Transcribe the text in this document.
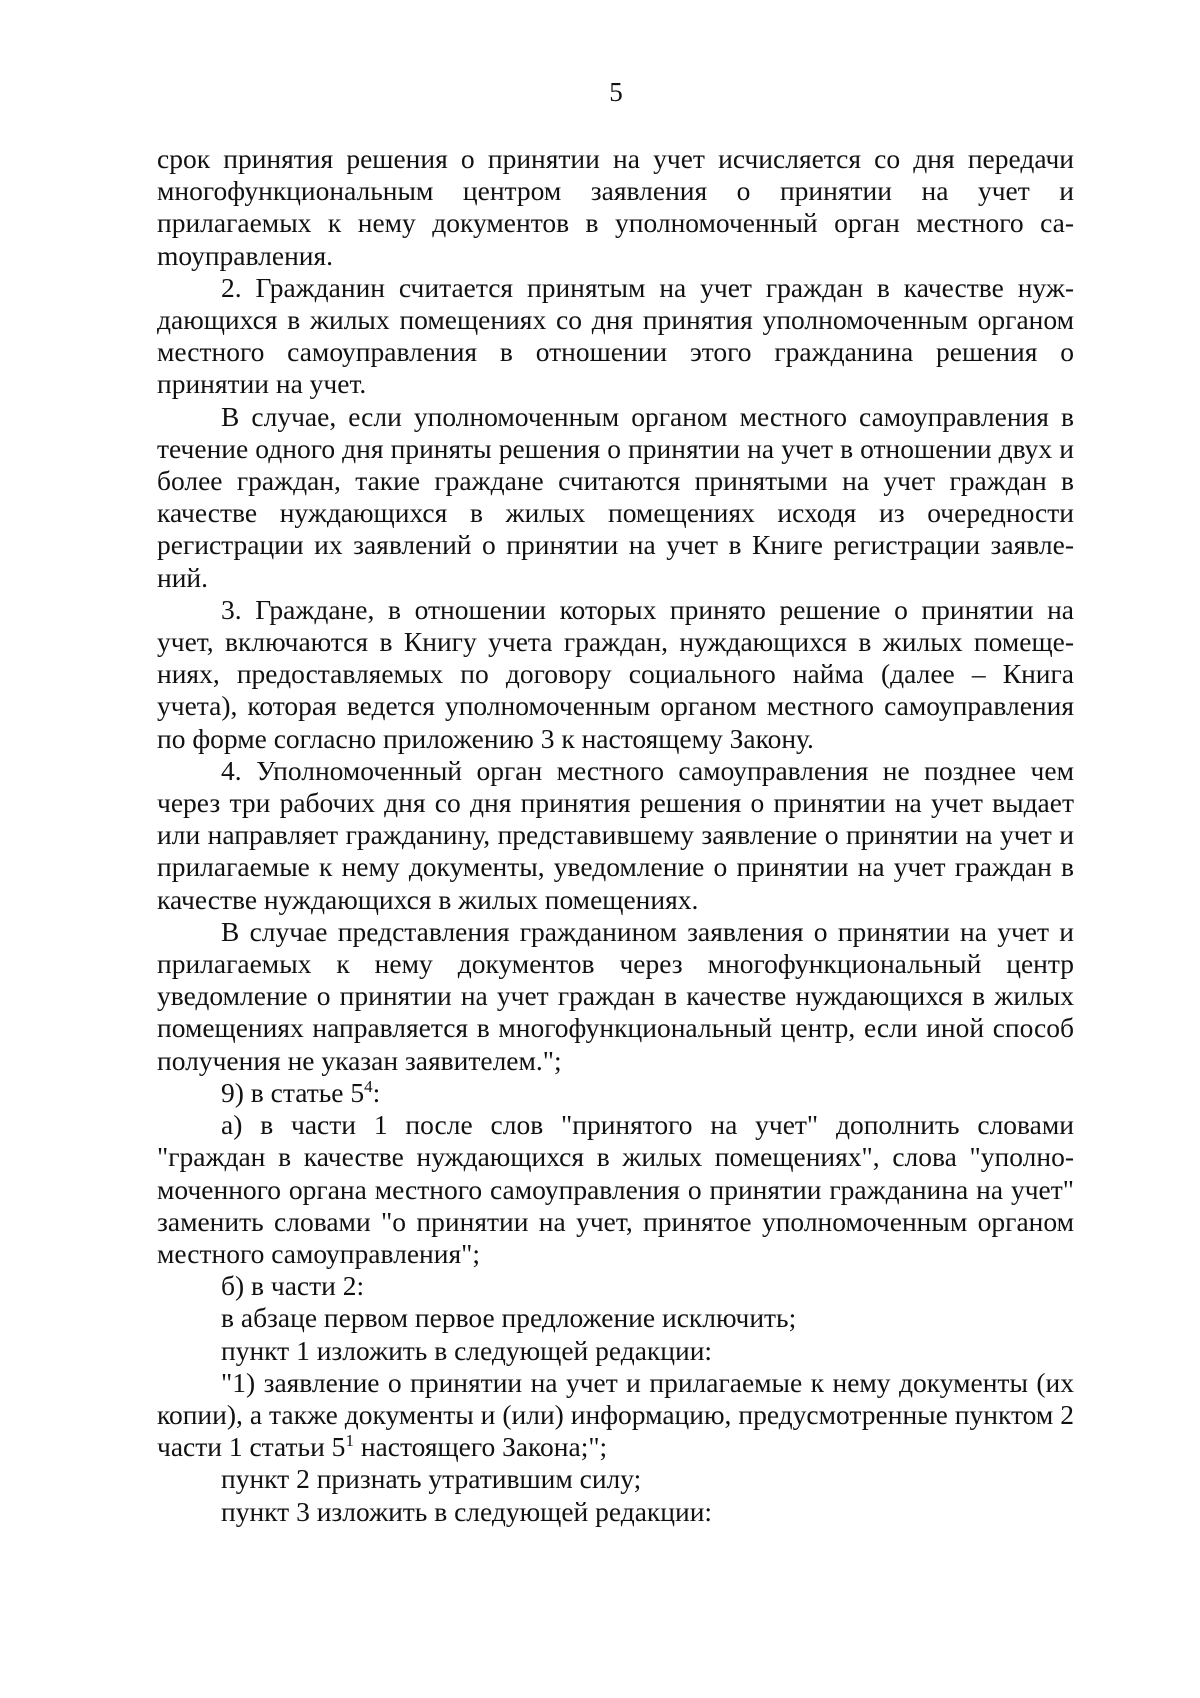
5

срок принятия решения о принятии на учет исчисляется со дня передачи многофункциональным центром заявления о принятии на учет и прилагаемых к нему документов в уполномоченный орган местного саmоуправления.

2. Гражданин считается принятым на учет граждан в качестве нуждающихся в жилых помещениях со дня принятия уполномоченным органом местного самоуправления в отношении этого гражданина решения о принятии на учет.

В случае, если уполномоченным органом местного самоуправления в течение одного дня приняты решения о принятии на учет в отношении двух и более граждан, такие граждане считаются принятыми на учет граждан в качестве нуждающихся в жилых помещениях исходя из очередности регистрации их заявлений о принятии на учет в Книге регистрации заявлений.

3. Граждане, в отношении которых принято решение о принятии на учет, включаются в Книгу учета граждан, нуждающихся в жилых помещениях, предоставляемых по договору социального найма (далее – Книга учета), которая ведется уполномоченным органом местного самоуправления по форме согласно приложению 3 к настоящему Закону.

4. Уполномоченный орган местного самоуправления не позднее чем через три рабочих дня со дня принятия решения о принятии на учет выдает или направляет гражданину, представившему заявление о принятии на учет и прилагаемые к нему документы, уведомление о принятии на учет граждан в качестве нуждающихся в жилых помещениях.

В случае представления гражданином заявления о принятии на учет и прилагаемых к нему документов через многофункциональный центр уведомление о принятии на учет граждан в качестве нуждающихся в жилых помещениях направляется в многофункциональный центр, если иной способ получения не указан заявителем.";

9) в статье $5^4$:

а) в части 1 после слов "принятого на учет" дополнить словами "граждан в качестве нуждающихся в жилых помещениях", слова "уполномоченного органа местного самоуправления о принятии гражданина на учет" заменить словами "о принятии на учет, принятое уполномоченным органом местного самоуправления";

б) в части 2:

в абзаце первом первое предложение исключить;

пункт 1 изложить в следующей редакции:

"1) заявление о принятии на учет и прилагаемые к нему документы (их копии), а также документы и (или) информацию, предусмотренные пунктом 2 части 1 статьи $5^1$ настоящего Закона;";

пункт 2 признать утратившим силу;

пункт 3 изложить в следующей редакции:
